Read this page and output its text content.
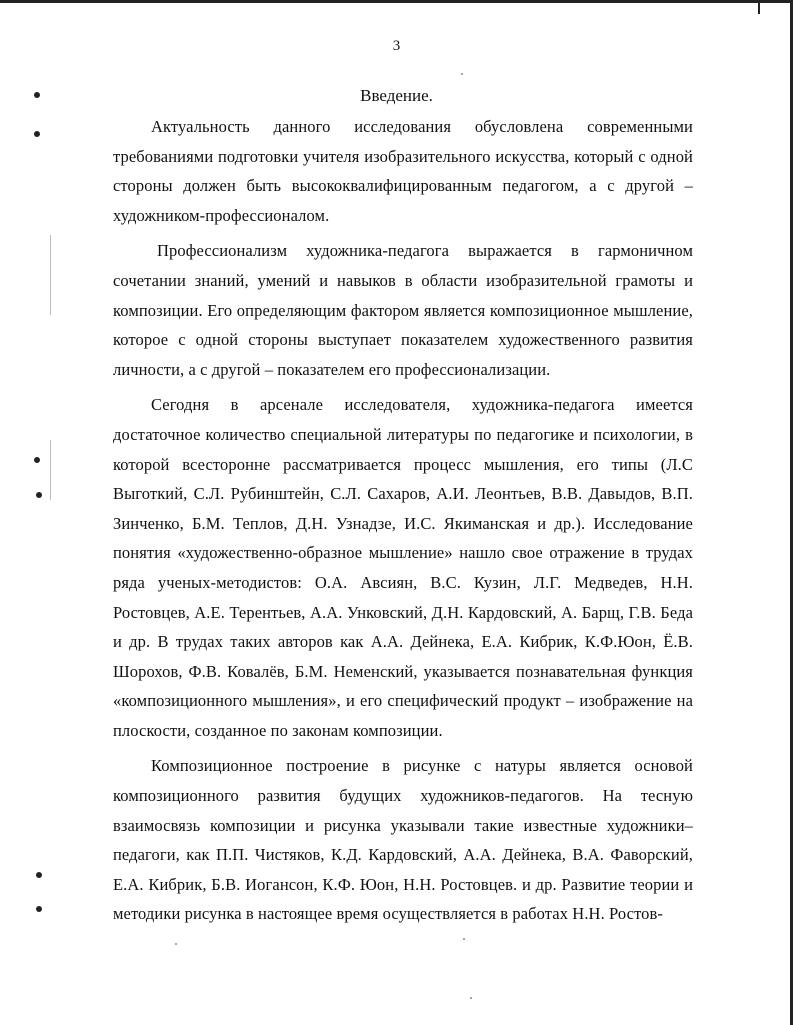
3
Введение.

Актуальность данного исследования обусловлена современными требованиями подготовки учителя изобразительного искусства, который с одной стороны должен быть высококвалифицированным педагогом, а с другой – художником-профессионалом.

Профессионализм художника-педагога выражается в гармоничном сочетании знаний, умений и навыков в области изобразительной грамоты и композиции. Его определяющим фактором является композиционное мышление, которое с одной стороны выступает показателем художественного развития личности, а с другой – показателем его профессионализации.

Сегодня в арсенале исследователя, художника-педагога имеется достаточное количество специальной литературы по педагогике и психологии, в которой всесторонне рассматривается процесс мышления, его типы (Л.С Выготкий, С.Л. Рубинштейн, С.Л. Сахаров, А.И. Леонтьев, В.В. Давыдов, В.П. Зинченко, Б.М. Теплов, Д.Н. Узнадзе, И.С. Якиманская и др.). Исследование понятия «художественно-образное мышление» нашло свое отражение в трудах ряда ученых-методистов: О.А. Авсиян, В.С. Кузин, Л.Г. Медведев, Н.Н. Ростовцев, А.Е. Терентьев, А.А. Унковский, Д.Н. Кардовский, А. Барщ, Г.В. Беда и др. В трудах таких авторов как А.А. Дейнека, Е.А. Кибрик, К.Ф.Юон, Ё.В. Шорохов, Ф.В. Ковалёв, Б.М. Неменский, указывается познавательная функция «композиционного мышления», и его специфический продукт – изображение на плоскости, созданное по законам композиции.

Композиционное построение в рисунке с натуры является основой композиционного развития будущих художников-педагогов. На тесную взаимосвязь композиции и рисунка указывали такие известные художники–педагоги, как П.П. Чистяков, К.Д. Кардовский, А.А. Дейнека, В.А. Фаворский, Е.А. Кибрик, Б.В. Иогансон, К.Ф. Юон, Н.Н. Ростовцев. и др. Развитие теории и методики рисунка в настоящее время осуществляется в работах Н.Н. Ростов-
